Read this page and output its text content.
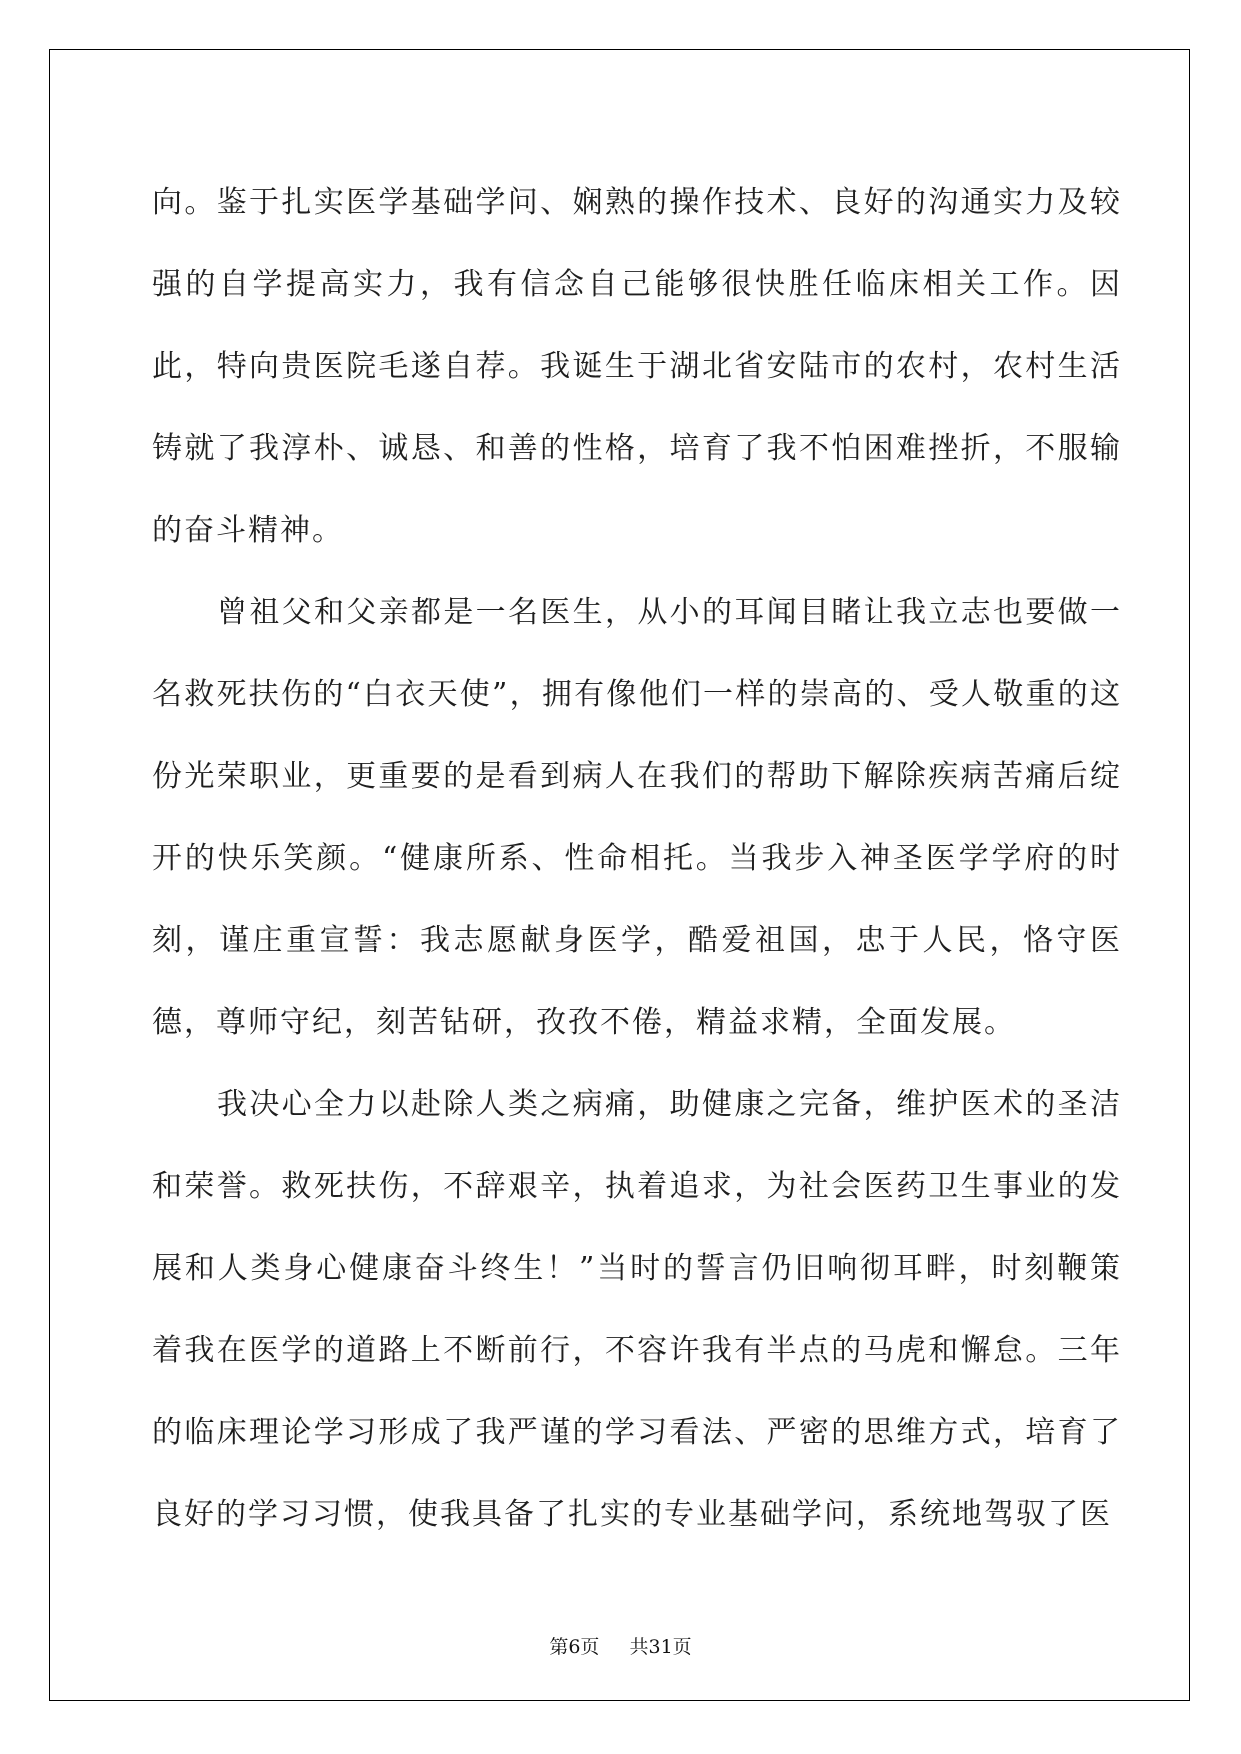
向。鉴于扎实医学基础学问、娴熟的操作技术、良好的沟通实力及较强的自学提高实力，我有信念自己能够很快胜任临床相关工作。因此，特向贵医院毛遂自荐。我诞生于湖北省安陆市的农村，农村生活铸就了我淳朴、诚恳、和善的性格，培育了我不怕困难挫折，不服输的奋斗精神。

曾祖父和父亲都是一名医生，从小的耳闻目睹让我立志也要做一名救死扶伤的“白衣天使”，拥有像他们一样的崇高的、受人敬重的这份光荣职业，更重要的是看到病人在我们的帮助下解除疾病苦痛后绽开的快乐笑颜。“健康所系、性命相托。当我步入神圣医学学府的时刻，谨庄重宣誓：我志愿献身医学，酷爱祖国，忠于人民，恪守医德，尊师守纪，刻苦钻研，孜孜不倦，精益求精，全面发展。

我决心全力以赴除人类之病痛，助健康之完备，维护医术的圣洁和荣誉。救死扶伤，不辞艰辛，执着追求，为社会医药卫生事业的发展和人类身心健康奋斗终生！”当时的誓言仍旧响彻耳畔，时刻鞭策着我在医学的道路上不断前行，不容许我有半点的马虎和懈怠。三年的临床理论学习形成了我严谨的学习看法、严密的思维方式，培育了良好的学习习惯，使我具备了扎实的专业基础学问，系统地驾驭了医

第6页 共31页
